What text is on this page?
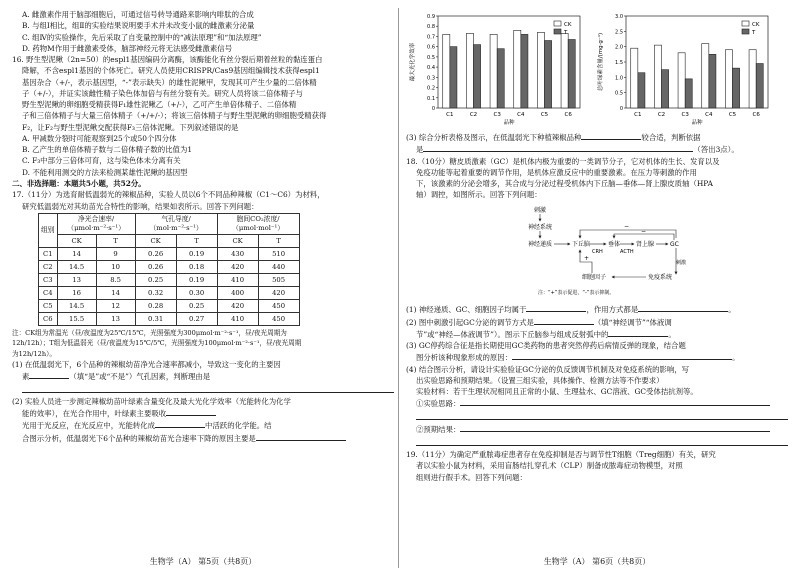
A. 雌激素作用于脑部细胞后，可通过信号转导通路来影响内啡肽的合成

B. 与组Ⅰ相比，组Ⅱ的实验结果说明要手术并未改变小鼠的雌激素分泌量

C. 组Ⅳ的实验操作，先后采取了自变量控制中的“减法原理”和“加法原理”

D. 药物M作用于雌激素受体，脑部神经元将无法感受雌激素信号

16. 野生型泥鳅（2n=50）的espl1基因编码分离酶，该酶能化有丝分裂后期着丝粒的黏连蛋白

降解，不含espl1基因的个体死亡。研究人员使用CRISPR/Cas9基因组编辑技术获得espl1

基因杂合（+/-，表示基因型，“-”表示缺失）的雄性泥鳅甲，发现其可产生少量的二倍体精

子（+/-），并证实该雌性精子染色体加倍与有丝分裂有关。研究人员将该二倍体精子与

野生型泥鳅的卵细胞受精获得F₁雄性泥鳅乙（+/-），乙可产生单倍体精子、二倍体精

子和三倍体精子与大量三倍体精子（+/+/-）；将该三倍体精子与野生型泥鳅的卵细胞受精获得

F₂，让F₂与野生型泥鳅交配获得F₃三倍体泥鳅。下列叙述错误的是

A. 甲减数分裂时可能观察到25个或50个四分体

B. 乙产生的单倍体精子数与二倍体精子数的比值为1

C. F₃中部分三倍体可育，这与染色体未分离有关

D. 不能利用测交的方法来检测某雄性泥鳅的基因型

二、非选择题：本题共5小题，共52分。

17.（11分）为选育耐低温弱光的辣椒品种，实验人员以6个不同品种辣椒（C1～C6）为材料，

研究低温弱光对其幼苗光合特性的影响，结果如表所示。回答下列问题：

组别	净光合速率/
（μmol·m⁻²·s⁻¹）		气孔导度/
（mol·m⁻²·s⁻¹）		胞间CO₂浓度/
（μmol·mol⁻¹）	
	CK	T	CK	T	CK	T
C1	14	9	0.26	0.19	430	510
C2	14.5	10	0.26	0.18	420	440
C3	13	8.5	0.25	0.19	410	505
C4	16	14	0.32	0.30	400	420
C5	14.5	12	0.28	0.25	420	450
C6	15.5	13	0.31	0.27	410	450

注：CK组为常温光（昼/夜温度为25℃/15℃，光照强度为300μmol·m⁻²·s⁻¹，昼/夜光周期为

12h/12h）；T组为低温弱光（昼/夜温度为15℃/5℃，光照强度为100μmol·m⁻²·s⁻¹，昼/夜光周期

为12h/12h）。

(1) 在低温弱光下，6个品种的辣椒幼苗净光合速率都减小，导致这一变化的主要因

素	（填“是”或“不是”）气孔因素，判断理由是

(2) 实验人员进一步测定辣椒幼苗叶绿素含量变化及最大光化学效率（光能转化为化学

能的效率），在光合作用中，叶绿素主要吸收

光用于光反应，在光反应中，光能转化成	中活跃的化学能。结

合图示分析，低温弱光下6个品种的辣椒幼苗光合速率下降的原因主要是

生物学（A） 第5页（共8页）
0
0.1
0.2
0.3
0.4
0.5
0.6
0.7
0.8
0.9
最大光化学效率
C1	C2	C3	C4	C5	C6
品种
CK
T

0
0.5
1.0
1.5
2.0
2.5
3.0
总叶绿素含量/(mg·g⁻¹)
C1	C2	C3	C4	C5	C6
品种
CK
T

(3) 综合分析表格及图示，在低温弱光下种植辣椒品种	较合适，判断依据

是	（答出3点）。

18.（10分）糖皮质激素（GC）是机体内极为重要的一类调节分子，它对机体的生长、发育以及

免疫功能等起着重要的调节作用，是机体应激反应中的重要激素。在压力等刺激的作用

下，该激素的分泌会增多，其合成与分泌过程受机体内下丘脑—垂体—肾上腺皮质轴（HPA

轴）调控，如图所示。回答下列问题：

刺激
神经系统
神经递质	下丘脑
CRH
垂体
ACTH
肾上腺	GC
−
−
免疫系统
刺激
细胞因子
+
注：“+”表示促进，“-”表示抑制。

(1) 神经递质、GC、细胞因子均属于	，作用方式都是	。

(2) 图中刺激引起GC分泌的调节方式是	（填“神经调节”“体液调

节”或“神经—体液调节”）。图示下丘脑参与组成反射弧中的	。

(3) GC停药综合征是指长期使用GC类药物的患者突然停药后病情反弹的现象，结合题

图分析该种现象形成的原因：	。

(4) 结合图示分析，请设计实验验证GC分泌的负反馈调节机制及对免疫系统的影响，写

出实验思路和预期结果。（设置三组实验，具体操作、检测方法等不作要求）

实验材料：若干生理状况相同且正常的小鼠、生理盐水、GC溶液、GC受体拮抗剂等。

①实验思路：

②预期结果：

19.（11分）为确定严重脓毒症患者存在免疫抑制是否与调节性T细胞（Treg细胞）有关，研究

者以实验小鼠为材料，采用盲肠结扎穿孔术（CLP）制备成脓毒症动物模型，对照

组则进行假手术。回答下列问题：

生物学（A） 第6页（共8页）
